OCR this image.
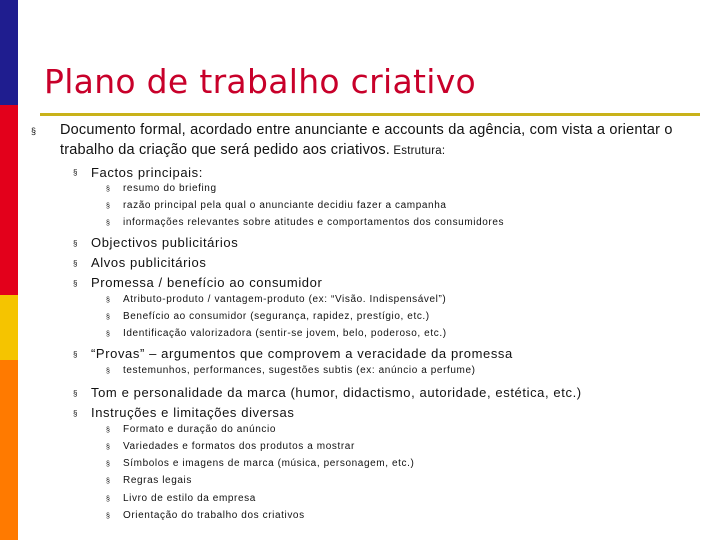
Plano de trabalho criativo
§ Documento formal, acordado entre anunciante e accounts da agência, com vista a orientar o
trabalho da criação que será pedido aos criativos. Estrutura:
§ Factos principais:
§ resumo do briefing
§ razão principal pela qual o anunciante decidiu fazer a campanha
§ informações relevantes sobre atitudes e comportamentos dos consumidores
§ Objectivos publicitários
§ Alvos publicitários
§ Promessa / benefício ao consumidor
§ Atributo-produto / vantagem-produto (ex: “Visão. Indispensável”)
§ Benefício ao consumidor (segurança, rapidez, prestígio, etc.)
§ Identificação valorizadora (sentir-se jovem, belo, poderoso, etc.)
§ “Provas” – argumentos que comprovem a veracidade da promessa
§ testemunhos, performances, sugestões subtis (ex: anúncio a perfume)
§ Tom e personalidade da marca (humor, didactismo, autoridade, estética, etc.)
§ Instruções e limitações diversas
§ Formato e duração do anúncio
§ Variedades e formatos dos produtos a mostrar
§ Símbolos e imagens de marca (música, personagem, etc.)
§ Regras legais
§ Livro de estilo da empresa
§ Orientação do trabalho dos criativos
